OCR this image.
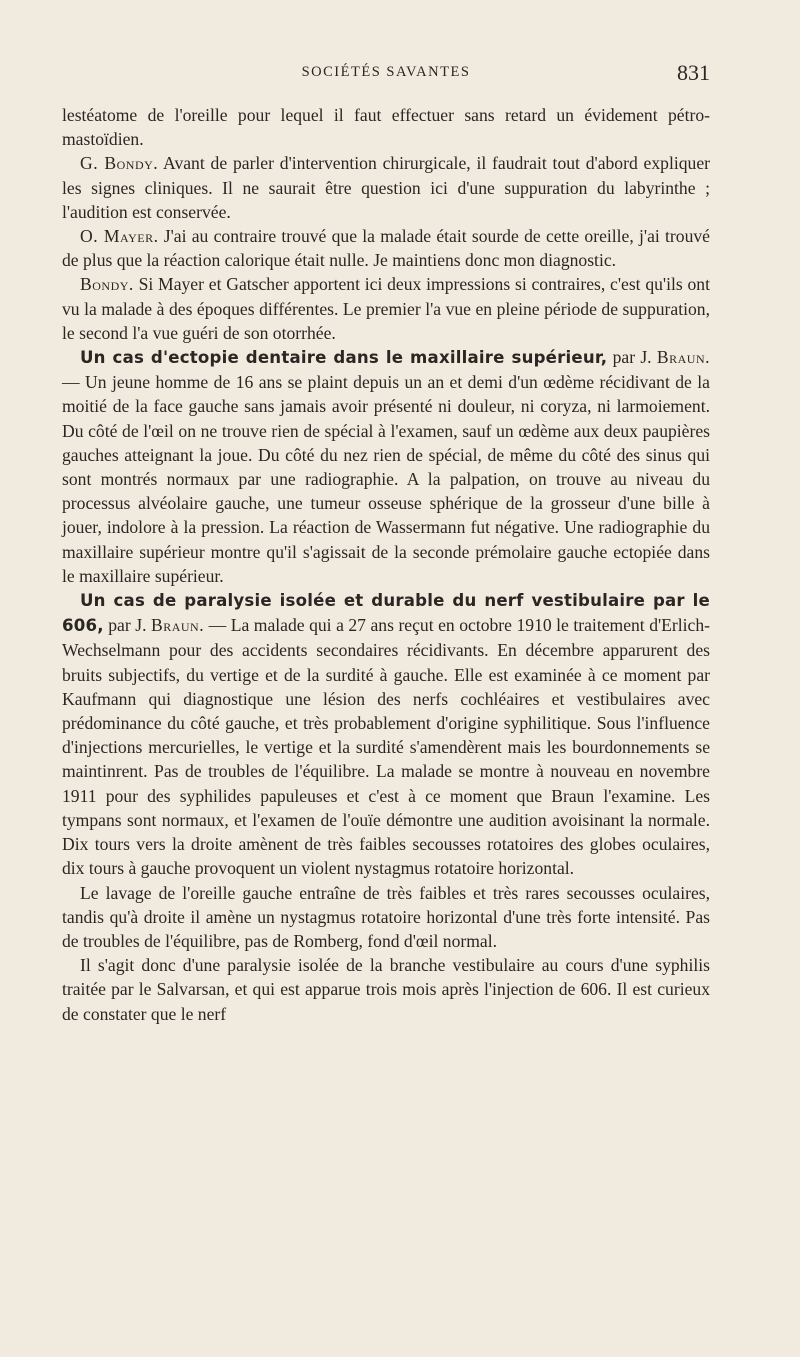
SOCIÉTÉS SAVANTES	831

lestéatome de l'oreille pour lequel il faut effectuer sans retard un évidement pétro-mastoïdien.

G. Bondy. Avant de parler d'intervention chirurgicale, il faudrait tout d'abord expliquer les signes cliniques. Il ne saurait être question ici d'une suppuration du labyrinthe ; l'audition est conservée.

O. Mayer. J'ai au contraire trouvé que la malade était sourde de cette oreille, j'ai trouvé de plus que la réaction calorique était nulle. Je maintiens donc mon diagnostic.

Bondy. Si Mayer et Gatscher apportent ici deux impressions si contraires, c'est qu'ils ont vu la malade à des époques différentes. Le premier l'a vue en pleine période de suppuration, le second l'a vue guéri de son otorrhée.

Un cas d'ectopie dentaire dans le maxillaire supérieur, par J. Braun. — Un jeune homme de 16 ans se plaint depuis un an et demi d'un œdème récidivant de la moitié de la face gauche sans jamais avoir présenté ni douleur, ni coryza, ni larmoiement. Du côté de l'œil on ne trouve rien de spécial à l'examen, sauf un œdème aux deux paupières gauches atteignant la joue. Du côté du nez rien de spécial, de même du côté des sinus qui sont montrés normaux par une radiographie. A la palpation, on trouve au niveau du processus alvéolaire gauche, une tumeur osseuse sphérique de la grosseur d'une bille à jouer, indolore à la pression. La réaction de Wassermann fut négative. Une radiographie du maxillaire supérieur montre qu'il s'agissait de la seconde prémolaire gauche ectopiée dans le maxillaire supérieur.

Un cas de paralysie isolée et durable du nerf vestibulaire par le 606, par J. Braun. — La malade qui a 27 ans reçut en octobre 1910 le traitement d'Erlich-Wechselmann pour des accidents secondaires récidivants. En décembre apparurent des bruits subjectifs, du vertige et de la surdité à gauche. Elle est examinée à ce moment par Kaufmann qui diagnostique une lésion des nerfs cochléaires et vestibulaires avec prédominance du côté gauche, et très probablement d'origine syphilitique. Sous l'influence d'injections mercurielles, le vertige et la surdité s'amendèrent mais les bourdonnements se maintinrent. Pas de troubles de l'équilibre. La malade se montre à nouveau en novembre 1911 pour des syphilides papuleuses et c'est à ce moment que Braun l'examine. Les tympans sont normaux, et l'examen de l'ouïe démontre une audition avoisinant la normale. Dix tours vers la droite amènent de très faibles secousses rotatoires des globes oculaires, dix tours à gauche provoquent un violent nystagmus rotatoire horizontal.

Le lavage de l'oreille gauche entraîne de très faibles et très rares secousses oculaires, tandis qu'à droite il amène un nystagmus rotatoire horizontal d'une très forte intensité. Pas de troubles de l'équilibre, pas de Romberg, fond d'œil normal.

Il s'agit donc d'une paralysie isolée de la branche vestibulaire au cours d'une syphilis traitée par le Salvarsan, et qui est apparue trois mois après l'injection de 606. Il est curieux de constater que le nerf
